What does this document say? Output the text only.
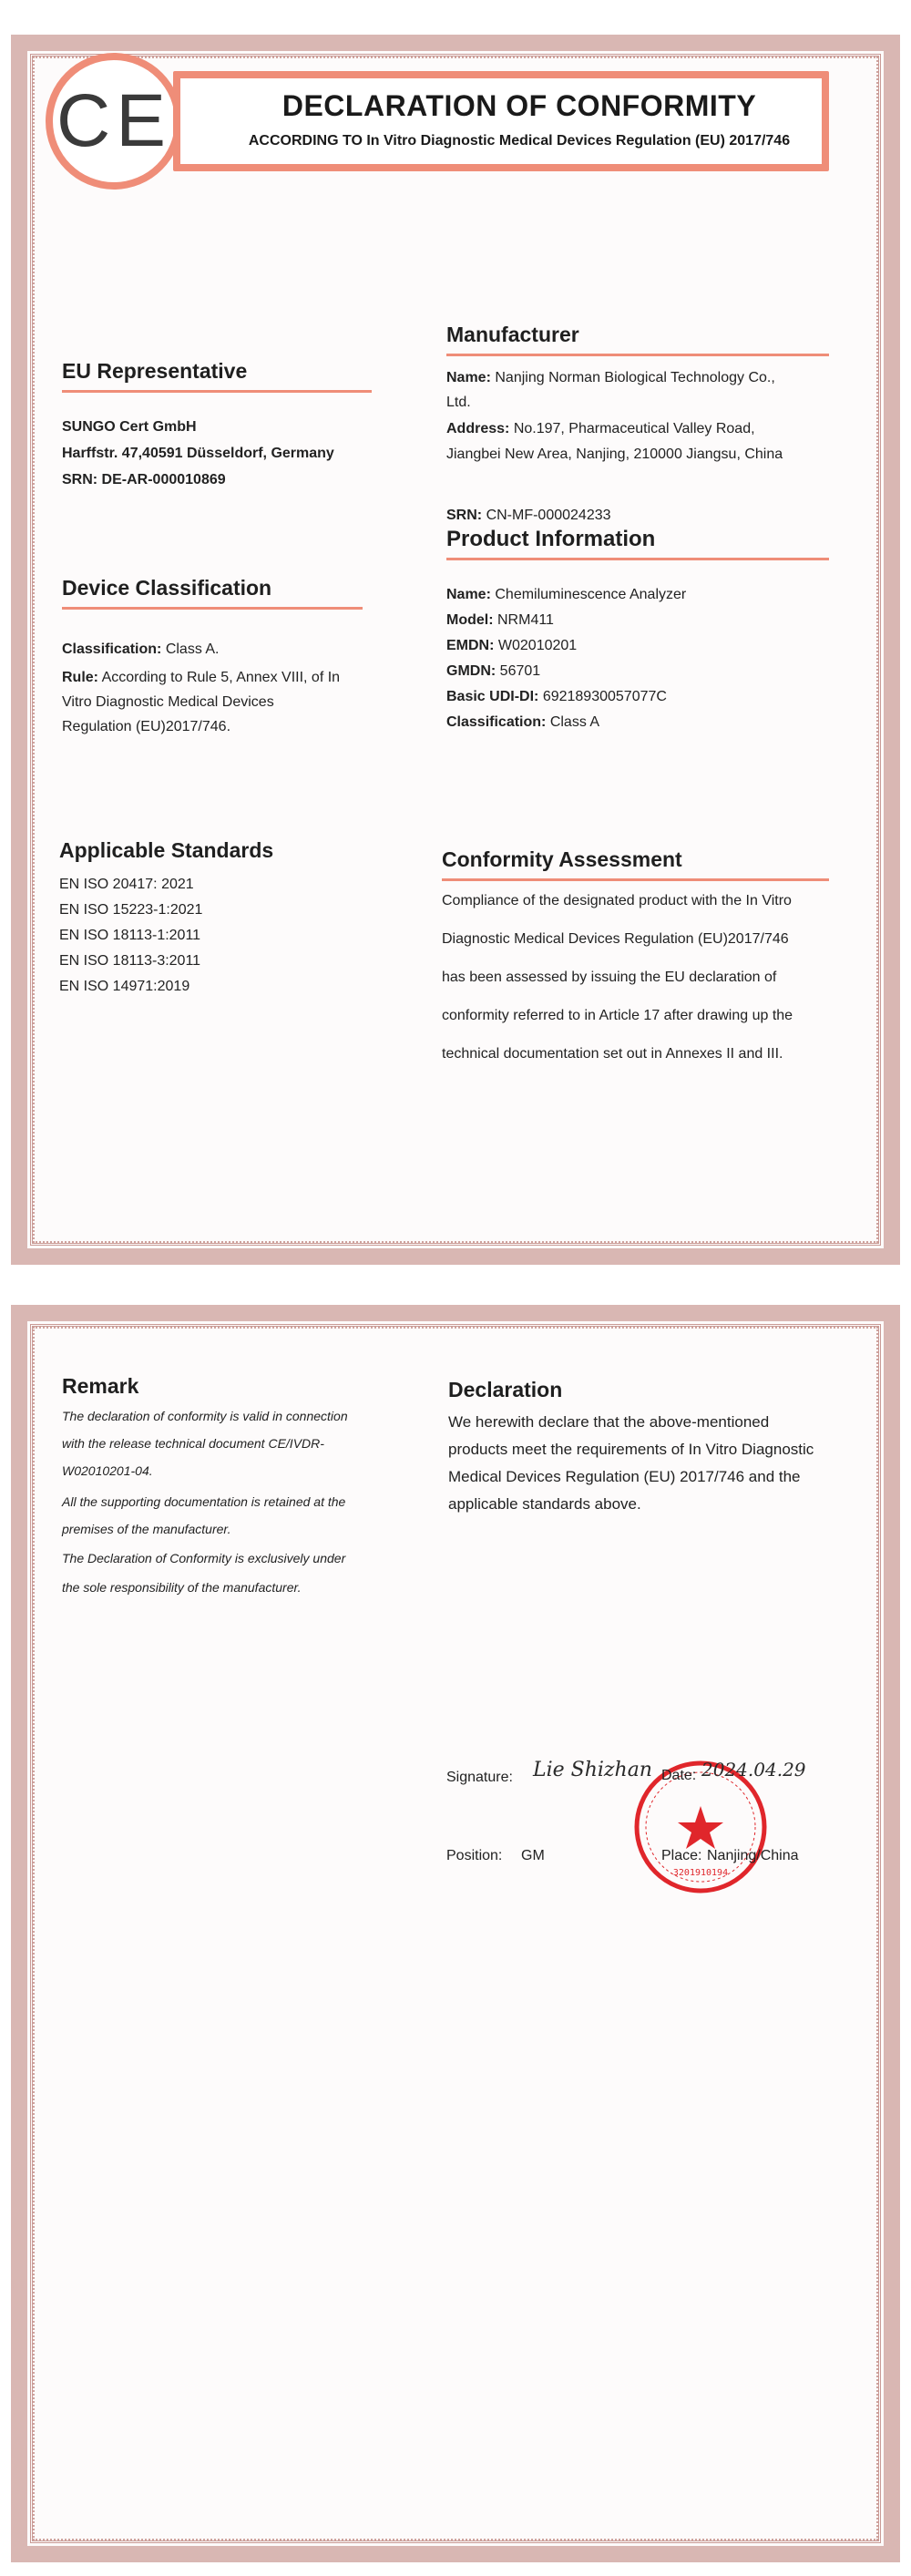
CE	DECLARATION OF CONFORMITY
ACCORDING TO In Vitro Diagnostic Medical Devices Regulation (EU) 2017/746
Manufacturer
Name: Nanjing Norman Biological Technology Co.,
Ltd.
Address: No.197, Pharmaceutical Valley Road,
Jiangbei New Area, Nanjing, 210000 Jiangsu, China
SRN: CN-MF-000024233
EU Representative
SUNGO Cert GmbH
Harffstr. 47,40591 Düsseldorf, Germany
SRN: DE-AR-000010869
Product Information
Name: Chemiluminescence Analyzer
Model: NRM411
EMDN: W02010201
GMDN: 56701
Basic UDI-DI: 69218930057077C
Classification: Class A
Device Classification
Classification: Class A.
Rule: According to Rule 5, Annex VIII, of In
Vitro Diagnostic Medical Devices
Regulation (EU)2017/746.
Applicable Standards
EN ISO 20417: 2021
EN ISO 15223-1:2021
EN ISO 18113-1:2011
EN ISO 18113-3:2011
EN ISO 14971:2019
Conformity Assessment
Compliance of the designated product with the In Vitro
Diagnostic Medical Devices Regulation (EU)2017/746
has been assessed by issuing the EU declaration of
conformity referred to in Article 17 after drawing up the
technical documentation set out in Annexes II and III.
Remark
The declaration of conformity is valid in connection
with the release technical document CE/IVDR-
W02010201-04.
All the supporting documentation is retained at the
premises of the manufacturer.
The Declaration of Conformity is exclusively under
the sole responsibility of the manufacturer.
Declaration
We herewith declare that the above-mentioned
products meet the requirements of In Vitro Diagnostic
Medical Devices Regulation (EU) 2017/746 and the
applicable standards above.
3201910194
Signature: Lie Shizhan Date: 2024.04.29
Position: GM	Place: Nanjing/China
